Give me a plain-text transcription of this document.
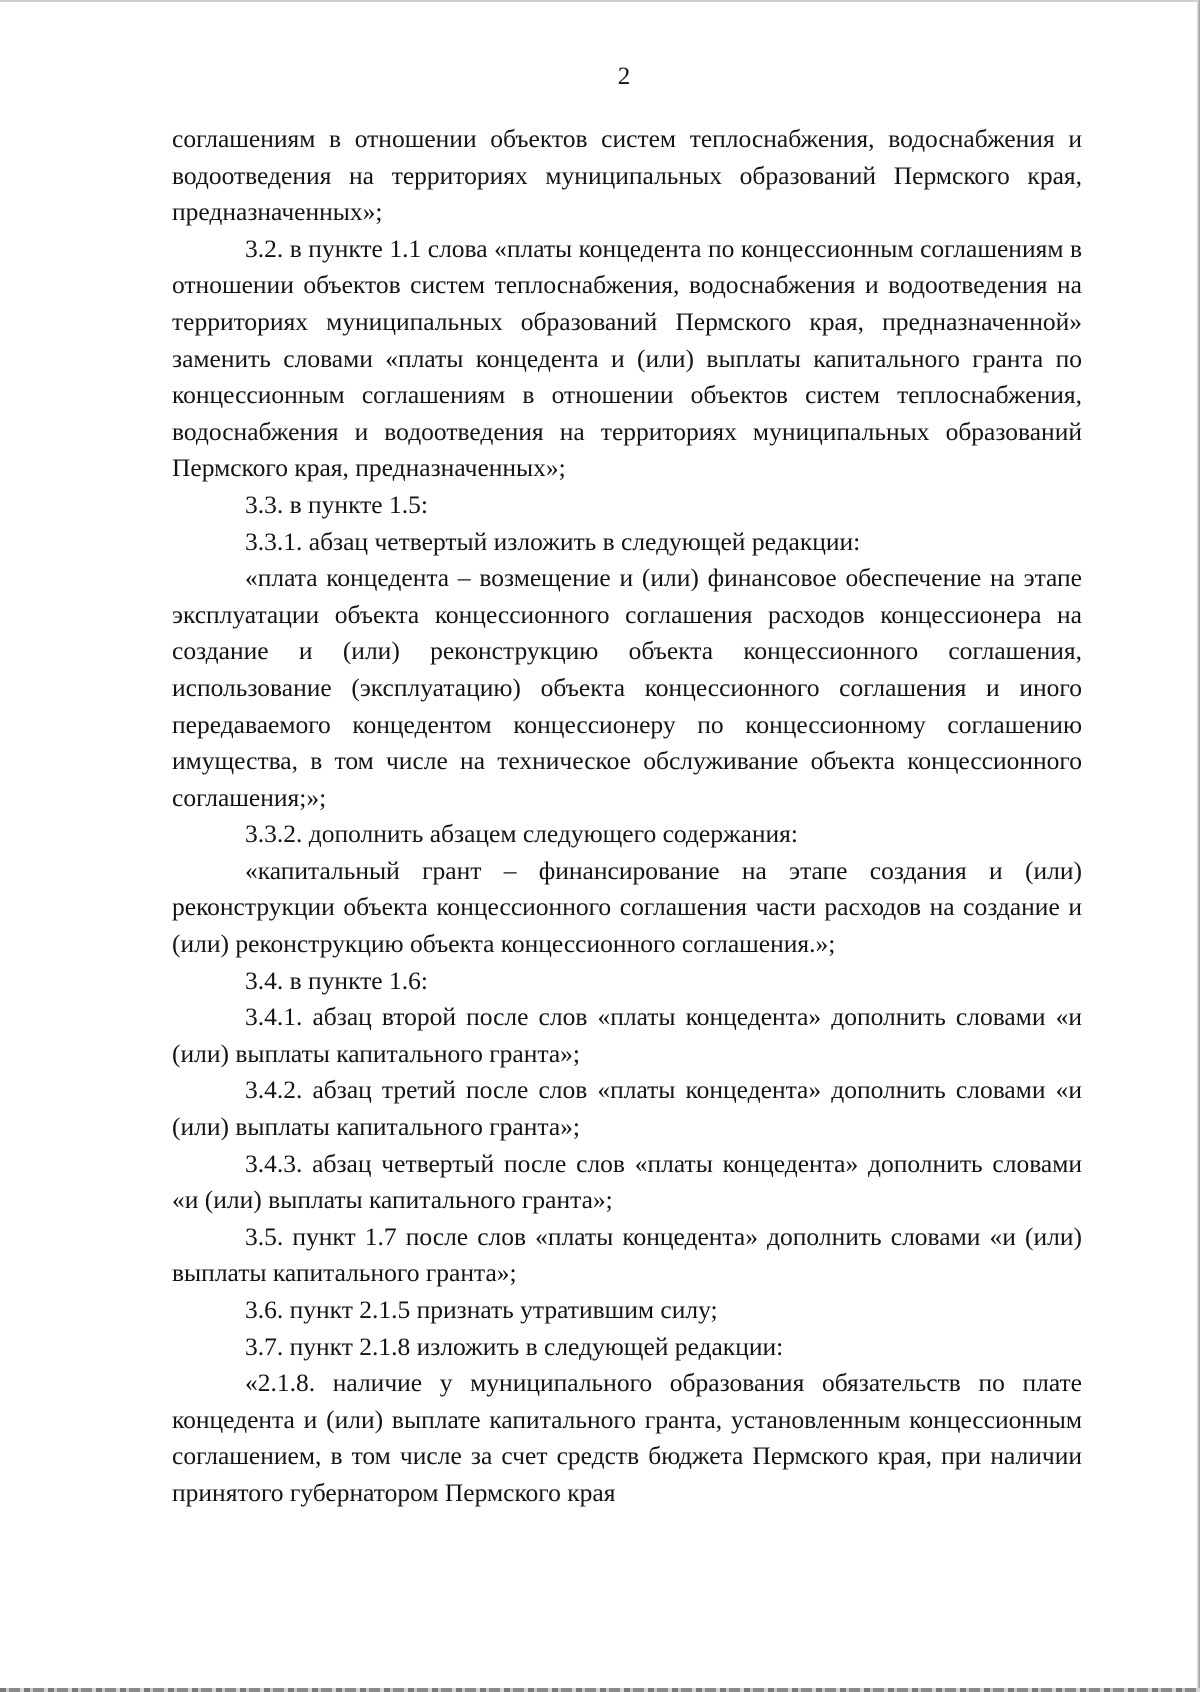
2

соглашениям в отношении объектов систем теплоснабжения, водоснабжения и водоотведения на территориях муниципальных образований Пермского края, предназначенных»;

3.2. в пункте 1.1 слова «платы концедента по концессионным соглашениям в отношении объектов систем теплоснабжения, водоснабжения и водоотведения на территориях муниципальных образований Пермского края, предназначенной» заменить словами «платы концедента и (или) выплаты капитального гранта по концессионным соглашениям в отношении объектов систем теплоснабжения, водоснабжения и водоотведения на территориях муниципальных образований Пермского края, предназначенных»;

3.3. в пункте 1.5:

3.3.1. абзац четвертый изложить в следующей редакции:

«плата концедента – возмещение и (или) финансовое обеспечение на этапе эксплуатации объекта концессионного соглашения расходов концессионера на создание и (или) реконструкцию объекта концессионного соглашения, использование (эксплуатацию) объекта концессионного соглашения и иного передаваемого концедентом концессионеру по концессионному соглашению имущества, в том числе на техническое обслуживание объекта концессионного соглашения;»;

3.3.2. дополнить абзацем следующего содержания:

«капитальный грант – финансирование на этапе создания и (или) реконструкции объекта концессионного соглашения части расходов на создание и (или) реконструкцию объекта концессионного соглашения.»;

3.4. в пункте 1.6:

3.4.1. абзац второй после слов «платы концедента» дополнить словами «и (или) выплаты капитального гранта»;

3.4.2. абзац третий после слов «платы концедента» дополнить словами «и (или) выплаты капитального гранта»;

3.4.3. абзац четвертый после слов «платы концедента» дополнить словами «и (или) выплаты капитального гранта»;

3.5. пункт 1.7 после слов «платы концедента» дополнить словами «и (или) выплаты капитального гранта»;

3.6. пункт 2.1.5 признать утратившим силу;

3.7. пункт 2.1.8 изложить в следующей редакции:

«2.1.8. наличие у муниципального образования обязательств по плате концедента и (или) выплате капитального гранта, установленным концессионным соглашением, в том числе за счет средств бюджета Пермского края, при наличии принятого губернатором Пермского края
